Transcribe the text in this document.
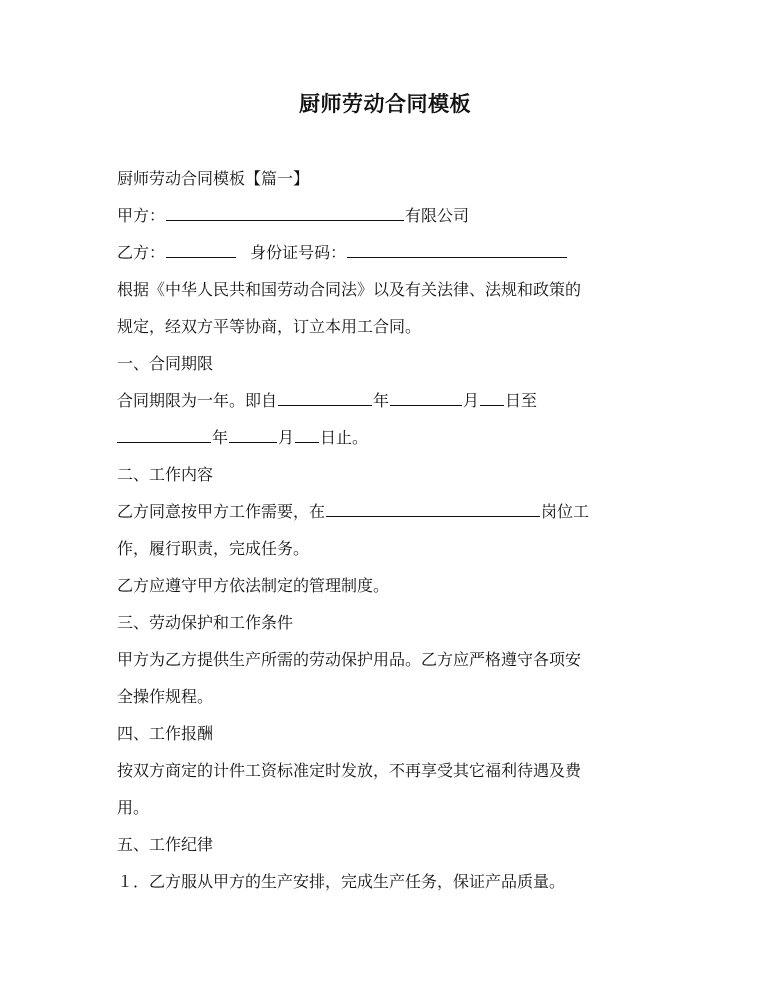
厨师劳动合同模板
厨师劳动合同模板【篇一】
甲方：	有限公司
乙方：	身份证号码：
根据《中华人民共和国劳动合同法》以及有关法律、法规和政策的
规定，经双方平等协商，订立本用工合同。
一、合同期限
合同期限为一年。即自	年	月 日至
年	月 日止。
二、工作内容
乙方同意按甲方工作需要，在	岗位工
作，履行职责，完成任务。
乙方应遵守甲方依法制定的管理制度。
三、劳动保护和工作条件
甲方为乙方提供生产所需的劳动保护用品。乙方应严格遵守各项安
全操作规程。
四、工作报酬
按双方商定的计件工资标准定时发放，不再享受其它福利待遇及费
用。
五、工作纪律
１．乙方服从甲方的生产安排，完成生产任务，保证产品质量。
